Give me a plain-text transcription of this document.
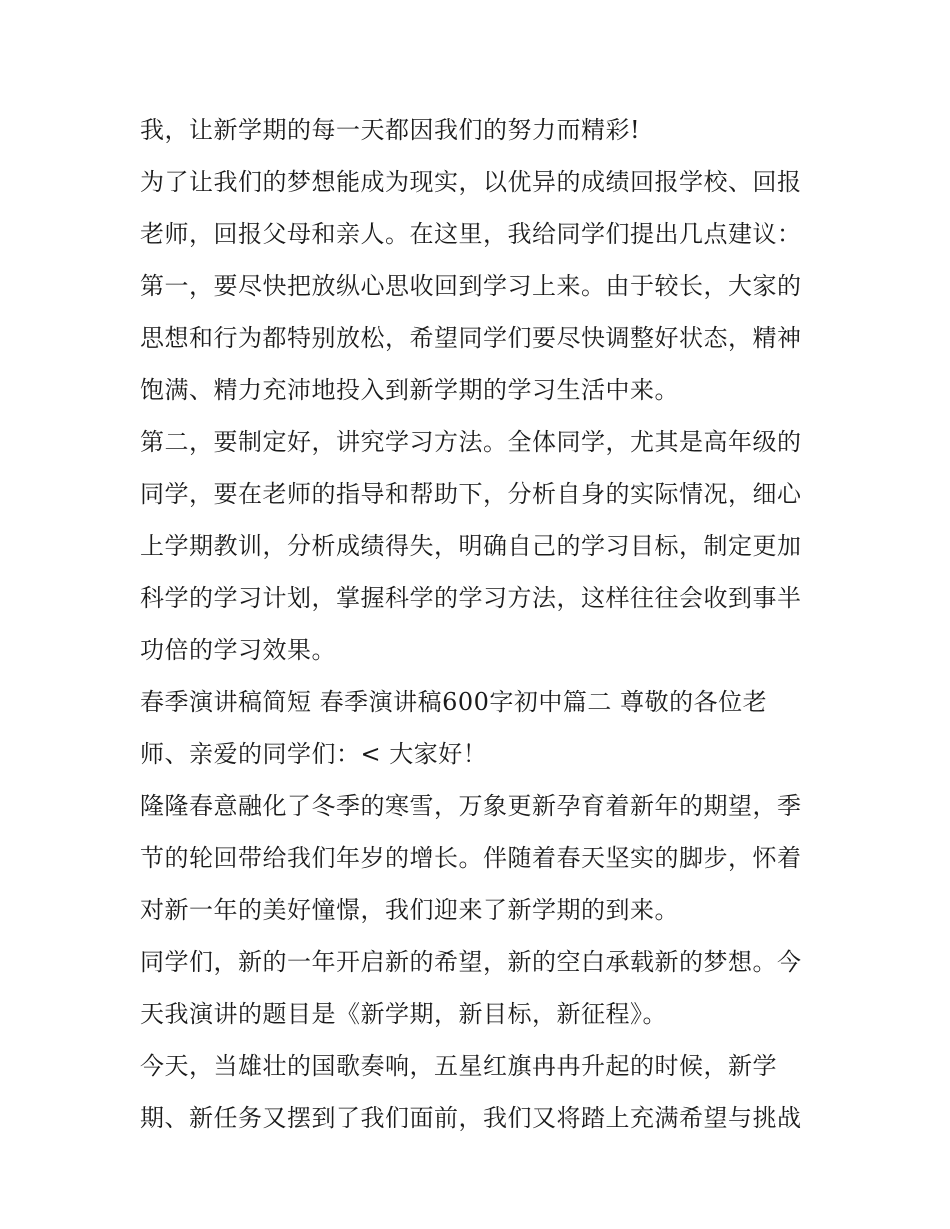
我，让新学期的每一天都因我们的努力而精彩!
为了让我们的梦想能成为现实，以优异的成绩回报学校、回报
老师，回报父母和亲人。在这里，我给同学们提出几点建议：
第一，要尽快把放纵心思收回到学习上来。由于较长，大家的
思想和行为都特别放松，希望同学们要尽快调整好状态，精神
饱满、精力充沛地投入到新学期的学习生活中来。
第二，要制定好，讲究学习方法。全体同学，尤其是高年级的
同学，要在老师的指导和帮助下，分析自身的实际情况，细心
上学期教训，分析成绩得失，明确自己的学习目标，制定更加
科学的学习计划，掌握科学的学习方法，这样往往会收到事半
功倍的学习效果。
春季演讲稿简短 春季演讲稿600字初中篇二 尊敬的各位老
师、亲爱的同学们：< 大家好！
隆隆春意融化了冬季的寒雪，万象更新孕育着新年的期望，季
节的轮回带给我们年岁的增长。伴随着春天坚实的脚步，怀着
对新一年的美好憧憬，我们迎来了新学期的到来。
同学们，新的一年开启新的希望，新的空白承载新的梦想。今
天我演讲的题目是《新学期，新目标，新征程》。
今天，当雄壮的国歌奏响，五星红旗冉冉升起的时候，新学
期、新任务又摆到了我们面前，我们又将踏上充满希望与挑战
